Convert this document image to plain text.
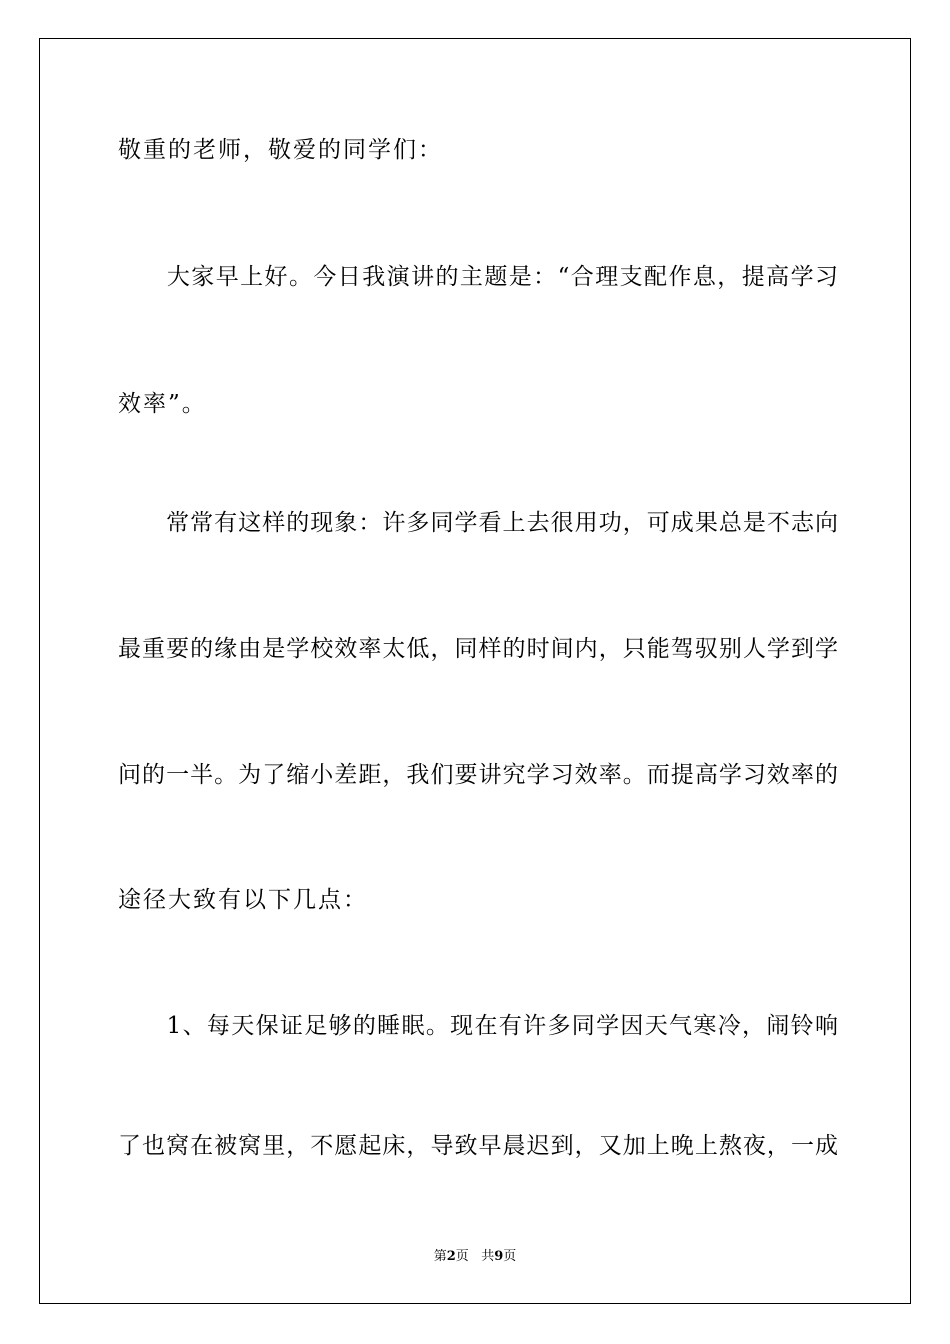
敬重的老师，敬爱的同学们：
　　大家早上好。今日我演讲的主题是：“合理支配作息，提高学习
效率”。
　　常常有这样的现象：许多同学看上去很用功，可成果总是不志向
最重要的缘由是学校效率太低，同样的时间内，只能驾驭别人学到学
问的一半。为了缩小差距，我们要讲究学习效率。而提高学习效率的
途径大致有以下几点：
　　1、每天保证足够的睡眠。现在有许多同学因天气寒冷，闹铃响
了也窝在被窝里，不愿起床，导致早晨迟到，又加上晚上熬夜，一成
第2页 共9页
